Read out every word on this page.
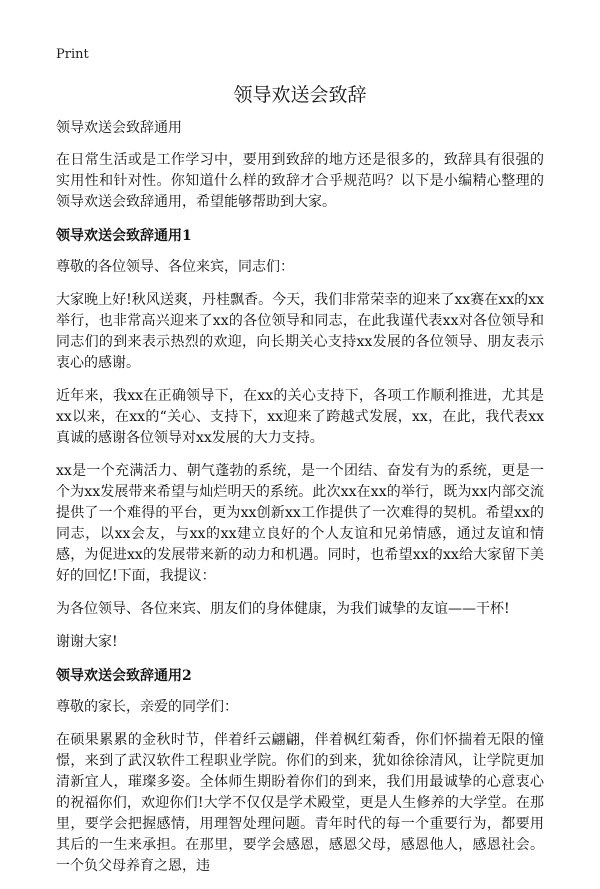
Print
领导欢送会致辞

领导欢送会致辞通用

在日常生活或是工作学习中，要用到致辞的地方还是很多的，致辞具有很强的实用性和针对性。你知道什么样的致辞才合乎规范吗？以下是小编精心整理的领导欢送会致辞通用，希望能够帮助到大家。

领导欢送会致辞通用1

尊敬的各位领导、各位来宾，同志们：

大家晚上好!秋风送爽，丹桂飘香。今天，我们非常荣幸的迎来了xx赛在xx的xx举行，也非常高兴迎来了xx的各位领导和同志，在此我谨代表xx对各位领导和同志们的到来表示热烈的欢迎，向长期关心支持xx发展的各位领导、朋友表示衷心的感谢。

近年来，我xx在正确领导下，在xx的关心支持下，各项工作顺利推进，尤其是xx以来，在xx的“关心、支持下，xx迎来了跨越式发展，xx，在此，我代表xx真诚的感谢各位领导对xx发展的大力支持。

xx是一个充满活力、朝气蓬勃的系统，是一个团结、奋发有为的系统，更是一个为xx发展带来希望与灿烂明天的系统。此次xx在xx的举行，既为xx内部交流提供了一个难得的平台，更为xx创新xx工作提供了一次难得的契机。希望xx的同志，以xx会友，与xx的xx建立良好的个人友谊和兄弟情感，通过友谊和情感，为促进xx的发展带来新的动力和机遇。同时，也希望xx的xx给大家留下美好的回忆!下面，我提议：

为各位领导、各位来宾、朋友们的身体健康，为我们诚挚的友谊——干杯!

谢谢大家!

领导欢送会致辞通用2

尊敬的家长，亲爱的同学们：

在硕果累累的金秋时节，伴着纤云翩翩，伴着枫红菊香，你们怀揣着无限的憧憬，来到了武汉软件工程职业学院。你们的到来，犹如徐徐清风，让学院更加清新宜人，璀璨多姿。全体师生期盼着你们的到来，我们用最诚挚的心意衷心的祝福你们，欢迎你们!大学不仅仅是学术殿堂，更是人生修养的大学堂。在那里，要学会把握感情，用理智处理问题。青年时代的每一个重要行为，都要用其后的一生来承担。在那里，要学会感恩，感恩父母，感恩他人，感恩社会。一个负父母养育之恩，违
